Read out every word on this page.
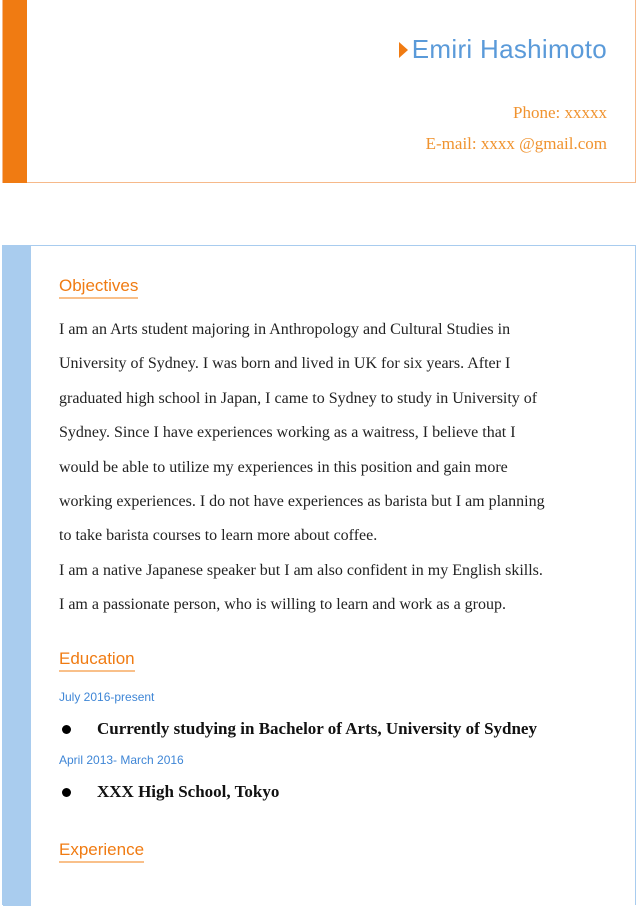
Emiri Hashimoto
Phone: xxxxx
E-mail: xxxx @gmail.com
Objectives

I am an Arts student majoring in Anthropology and Cultural Studies in

University of Sydney. I was born and lived in UK for six years. After I

graduated high school in Japan, I came to Sydney to study in University of

Sydney. Since I have experiences working as a waitress, I believe that I

would be able to utilize my experiences in this position and gain more

working experiences. I do not have experiences as barista but I am planning

to take barista courses to learn more about coffee.

I am a native Japanese speaker but I am also confident in my English skills.

I am a passionate person, who is willing to learn and work as a group.

Education
July 2016-present
Currently studying in Bachelor of Arts, University of Sydney
April 2013- March 2016
XXX High School, Tokyo
Experience
